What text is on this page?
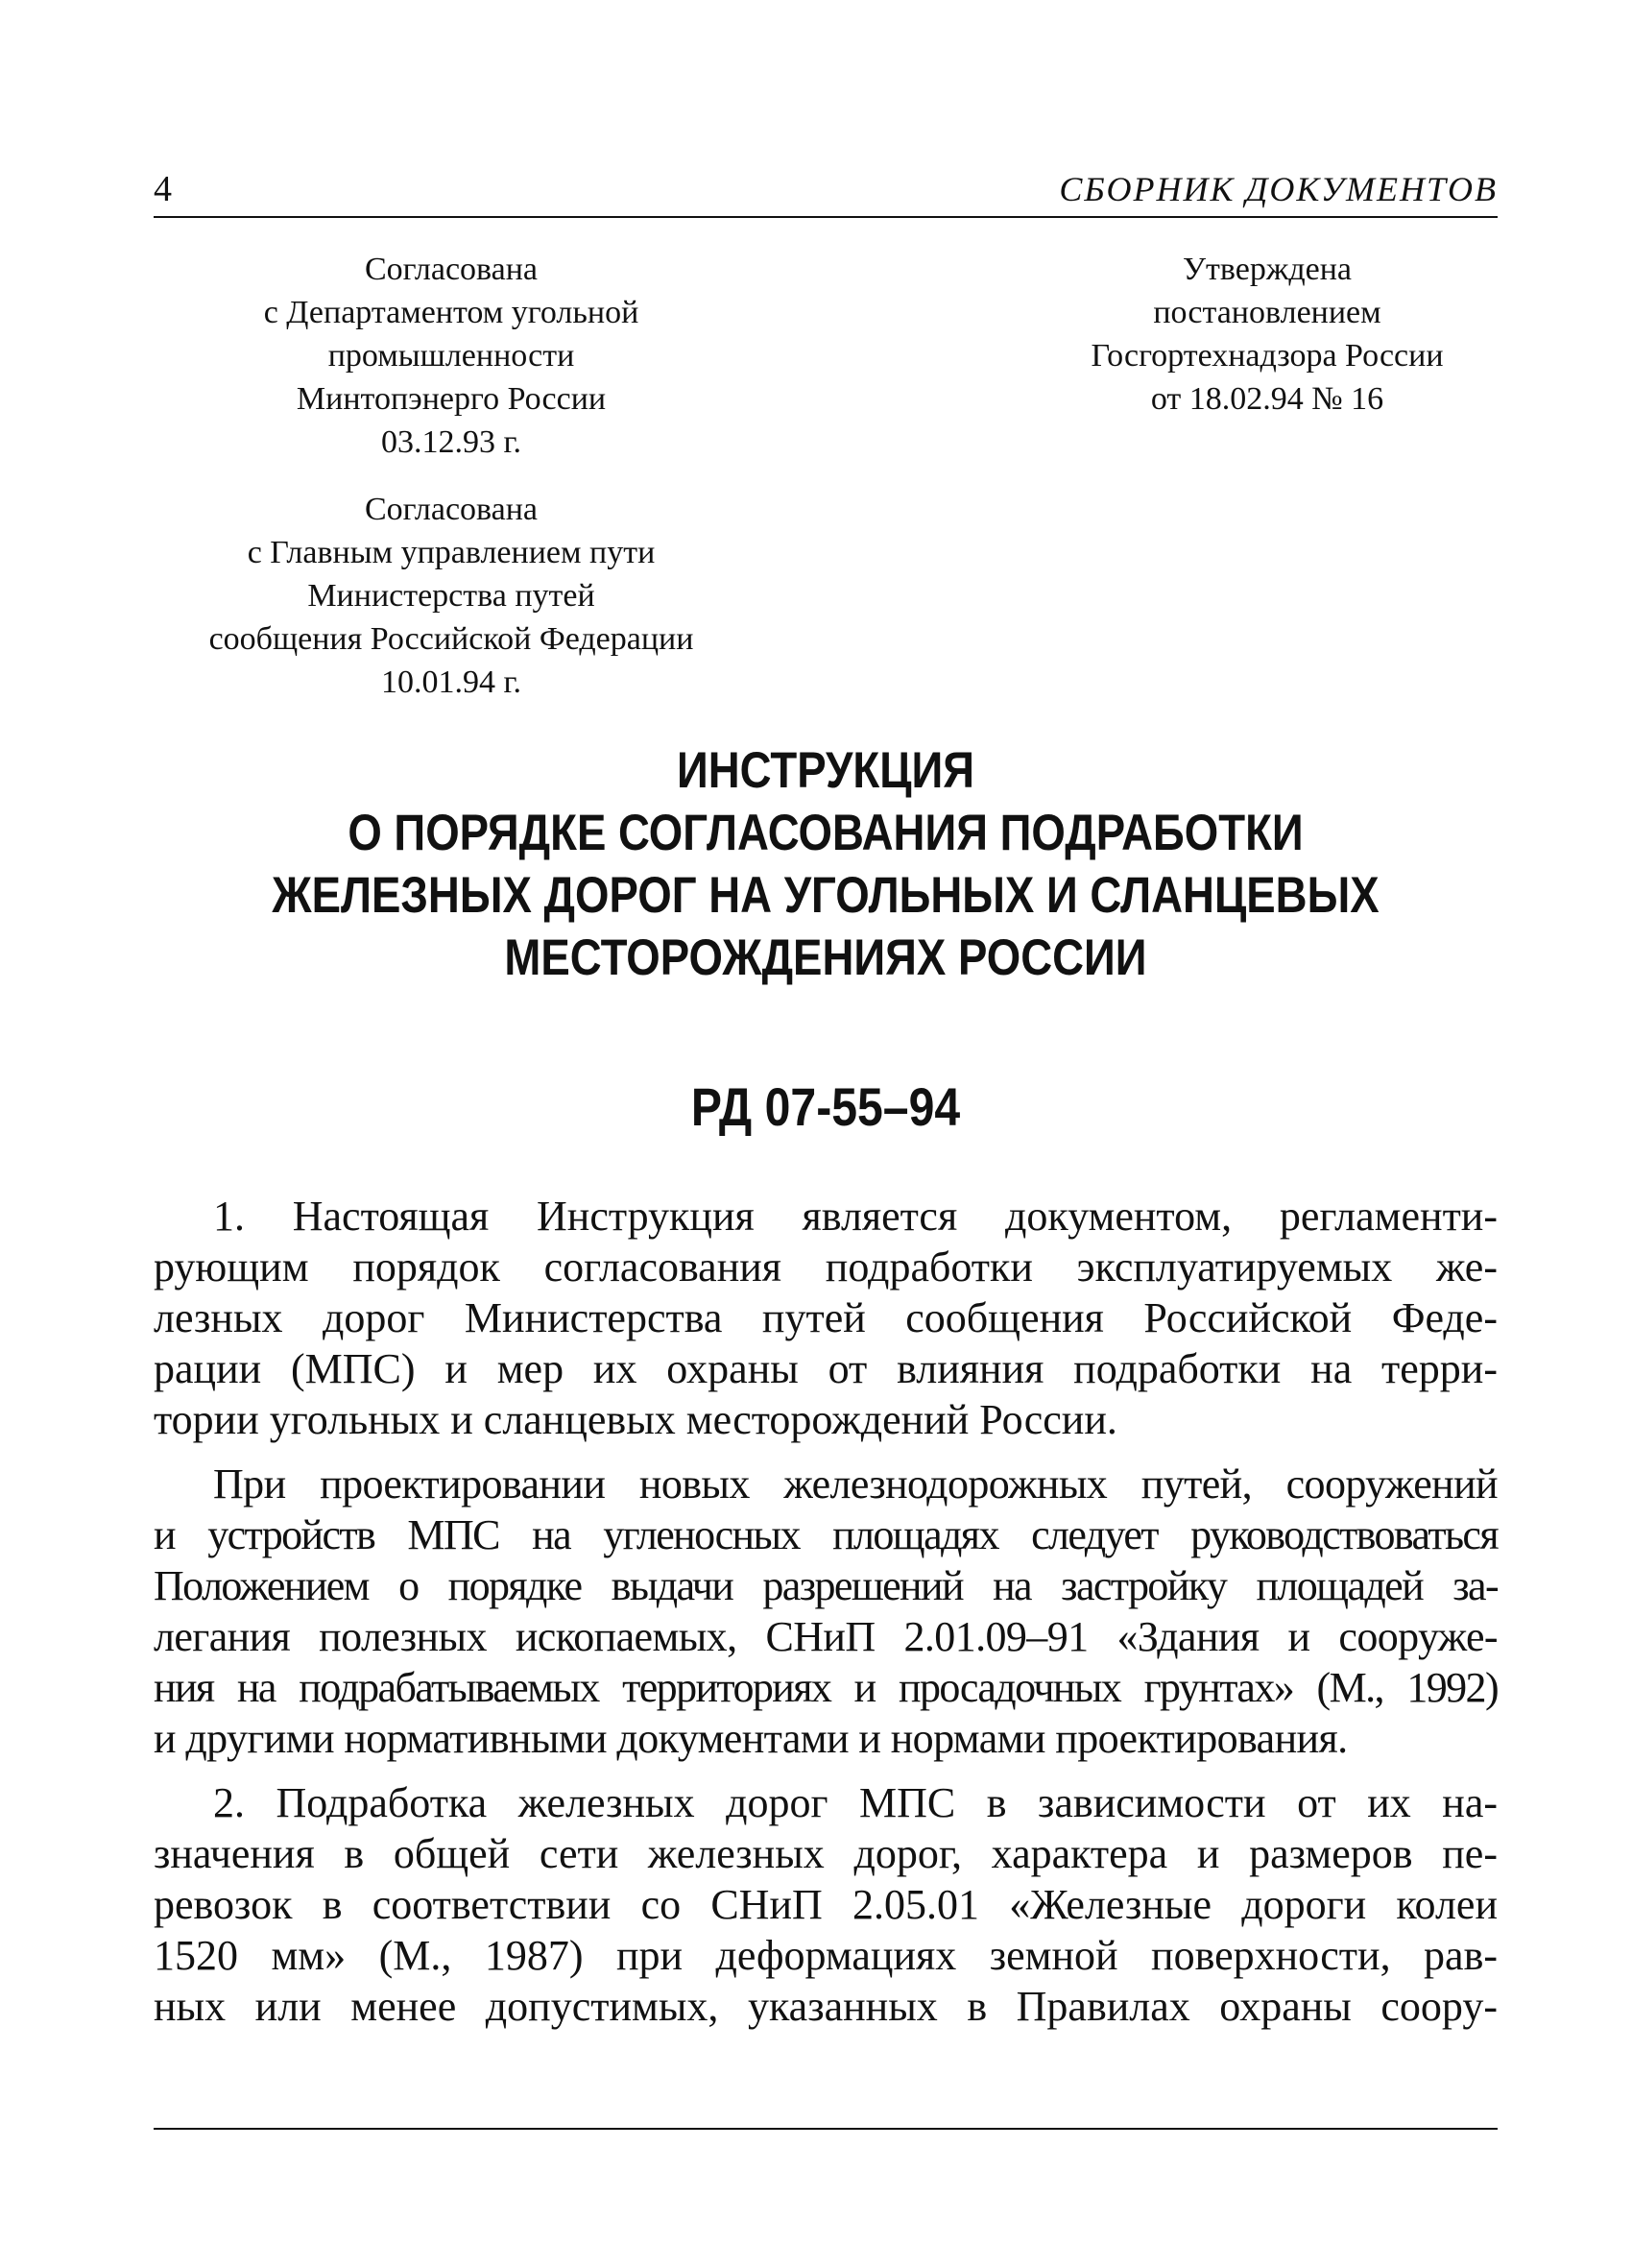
4	СБОРНИК ДОКУМЕНТОВ
Согласована
с Департаментом угольной
промышленности
Минтопэнерго России
03.12.93 г.
Утверждена
постановлением
Госгортехнадзора России
от 18.02.94 № 16
Согласована
с Главным управлением пути
Министерства путей
сообщения Российской Федерации
10.01.94 г.
ИНСТРУКЦИЯ
О ПОРЯДКЕ СОГЛАСОВАНИЯ ПОДРАБОТКИ
ЖЕЛЕЗНЫХ ДОРОГ НА УГОЛЬНЫХ И СЛАНЦЕВЫХ
МЕСТОРОЖДЕНИЯХ РОССИИ
РД 07-55–94

1. Настоящая Инструкция является документом, регламенти-
рующим порядок согласования подработки эксплуатируемых же-
лезных дорог Министерства путей сообщения Российской Феде-
рации (МПС) и мер их охраны от влияния подработки на терри-
тории угольных и сланцевых месторождений России.

При проектировании новых железнодорожных путей, сооружений
и устройств МПС на угленосных площадях следует руководствоваться
Положением о порядке выдачи разрешений на застройку площадей за-
легания полезных ископаемых, СНиП 2.01.09–91 «Здания и сооруже-
ния на подрабатываемых территориях и просадочных грунтах» (М., 1992)
и другими нормативными документами и нормами проектирования.

2. Подработка железных дорог МПС в зависимости от их на-
значения в общей сети железных дорог, характера и размеров пе-
ревозок в соответствии со СНиП 2.05.01 «Железные дороги колеи
1520 мм» (М., 1987) при деформациях земной поверхности, рав-
ных или менее допустимых, указанных в Правилах охраны соору-
